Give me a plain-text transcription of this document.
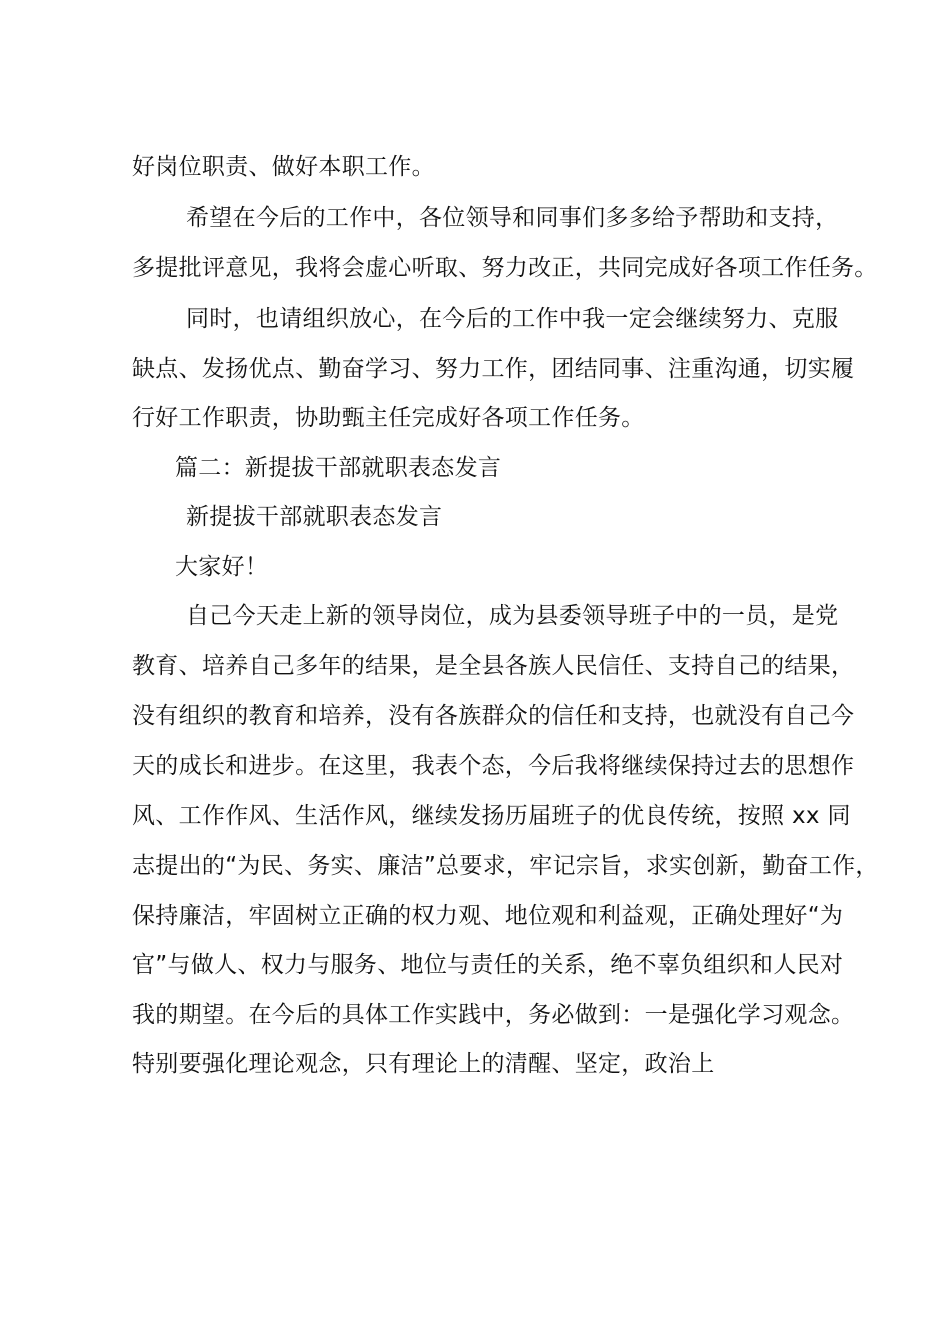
好岗位职责、做好本职工作。
希望在今后的工作中，各位领导和同事们多多给予帮助和支持，
多提批评意见，我将会虚心听取、努力改正，共同完成好各项工作任务。
同时，也请组织放心，在今后的工作中我一定会继续努力、克服
缺点、发扬优点、勤奋学习、努力工作，团结同事、注重沟通，切实履
行好工作职责，协助甄主任完成好各项工作任务。
篇二：新提拔干部就职表态发言
新提拔干部就职表态发言
大家好！
自己今天走上新的领导岗位，成为县委领导班子中的一员，是党
教育、培养自己多年的结果，是全县各族人民信任、支持自己的结果，
没有组织的教育和培养，没有各族群众的信任和支持，也就没有自己今
天的成长和进步。在这里，我表个态，今后我将继续保持过去的思想作
风、工作作风、生活作风，继续发扬历届班子的优良传统，按照 xx 同
志提出的“为民、务实、廉洁”总要求，牢记宗旨，求实创新，勤奋工作，
保持廉洁，牢固树立正确的权力观、地位观和利益观，正确处理好“为
官”与做人、权力与服务、地位与责任的关系，绝不辜负组织和人民对
我的期望。在今后的具体工作实践中，务必做到：一是强化学习观念。
特别要强化理论观念，只有理论上的清醒、坚定，政治上
